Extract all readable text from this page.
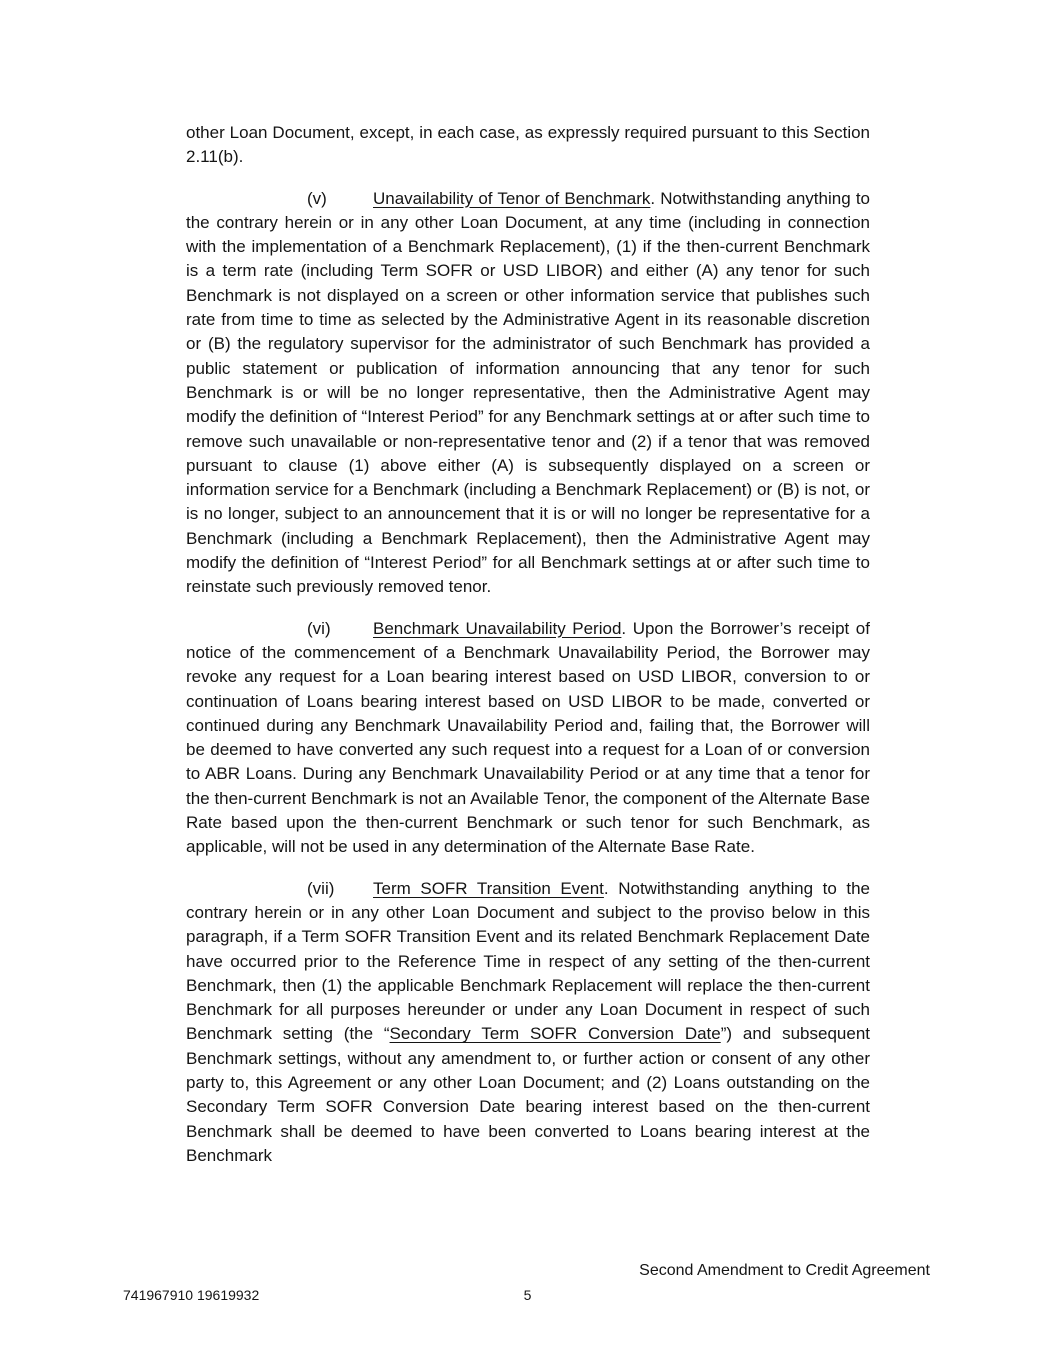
other Loan Document, except, in each case, as expressly required pursuant to this Section 2.11(b).

(v)	Unavailability of Tenor of Benchmark. Notwithstanding anything to the contrary herein or in any other Loan Document, at any time (including in connection with the implementation of a Benchmark Replacement), (1) if the then-current Benchmark is a term rate (including Term SOFR or USD LIBOR) and either (A) any tenor for such Benchmark is not displayed on a screen or other information service that publishes such rate from time to time as selected by the Administrative Agent in its reasonable discretion or (B) the regulatory supervisor for the administrator of such Benchmark has provided a public statement or publication of information announcing that any tenor for such Benchmark is or will be no longer representative, then the Administrative Agent may modify the definition of “Interest Period” for any Benchmark settings at or after such time to remove such unavailable or non-representative tenor and (2) if a tenor that was removed pursuant to clause (1) above either (A) is subsequently displayed on a screen or information service for a Benchmark (including a Benchmark Replacement) or (B) is not, or is no longer, subject to an announcement that it is or will no longer be representative for a Benchmark (including a Benchmark Replacement), then the Administrative Agent may modify the definition of “Interest Period” for all Benchmark settings at or after such time to reinstate such previously removed tenor.

(vi) Benchmark Unavailability Period. Upon the Borrower’s receipt of notice of the commencement of a Benchmark Unavailability Period, the Borrower may revoke any request for a Loan bearing interest based on USD LIBOR, conversion to or continuation of Loans bearing interest based on USD LIBOR to be made, converted or continued during any Benchmark Unavailability Period and, failing that, the Borrower will be deemed to have converted any such request into a request for a Loan of or conversion to ABR Loans. During any Benchmark Unavailability Period or at any time that a tenor for the then-current Benchmark is not an Available Tenor, the component of the Alternate Base Rate based upon the then-current Benchmark or such tenor for such Benchmark, as applicable, will not be used in any determination of the Alternate Base Rate.

(vii) Term SOFR Transition Event. Notwithstanding anything to the contrary herein or in any other Loan Document and subject to the proviso below in this paragraph, if a Term SOFR Transition Event and its related Benchmark Replacement Date have occurred prior to the Reference Time in respect of any setting of the then-current Benchmark, then (1) the applicable Benchmark Replacement will replace the then-current Benchmark for all purposes hereunder or under any Loan Document in respect of such Benchmark setting (the “Secondary Term SOFR Conversion Date”) and subsequent Benchmark settings, without any amendment to, or further action or consent of any other party to, this Agreement or any other Loan Document; and (2) Loans outstanding on the Secondary Term SOFR Conversion Date bearing interest based on the then-current Benchmark shall be deemed to have been converted to Loans bearing interest at the Benchmark

Second Amendment to Credit Agreement
741967910 19619932	5
